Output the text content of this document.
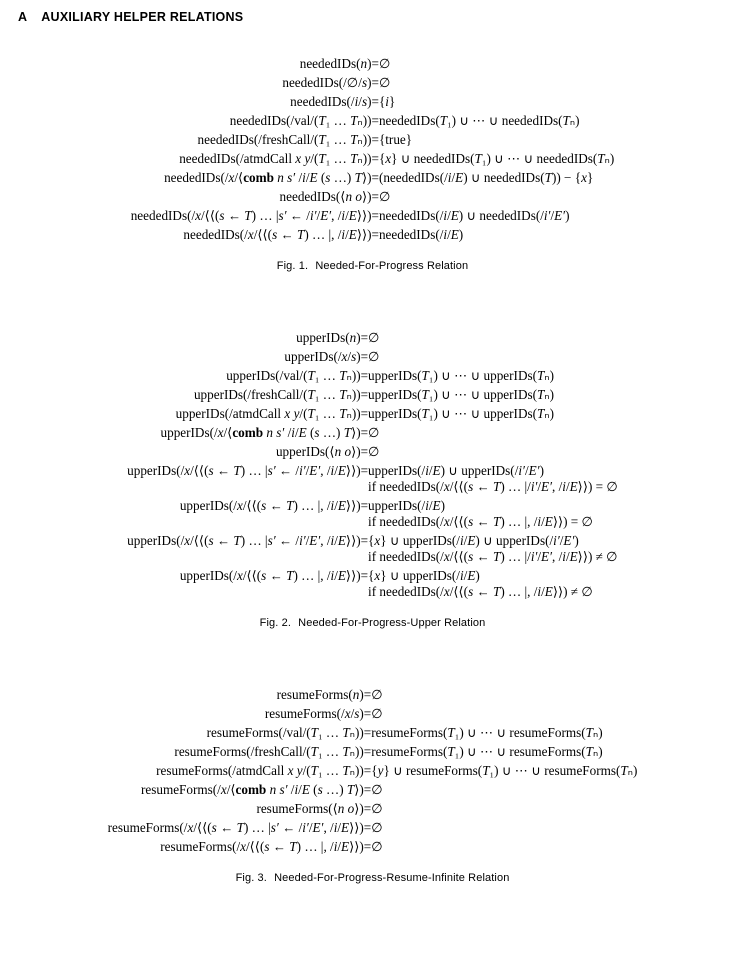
A AUXILIARY HELPER RELATIONS
neededIDs(n)	=	∅
neededIDs(/∅/s)	=	∅
neededIDs(/i/s)	=	{i}
neededIDs(/val/(T₁ … Tₙ))	=	neededIDs(T₁) ∪ ⋯ ∪ neededIDs(Tₙ)
neededIDs(/freshCall/(T₁ … Tₙ))	=	{true}
neededIDs(/atmdCall x y/(T₁ … Tₙ))	=	{x} ∪ neededIDs(T₁) ∪ ⋯ ∪ neededIDs(Tₙ)
neededIDs(/x/⟨comb n s′ /i/E (s …) T⟩)	=	(neededIDs(/i/E) ∪ neededIDs(T)) − {x}
neededIDs(⟨n o⟩)	=	∅
neededIDs(/x/⟨⟨(s ← T) … |s′ ← /i′/E′, /i/E⟩⟩)	=	neededIDs(/i/E) ∪ neededIDs(/i′/E′)
neededIDs(/x/⟨⟨(s ← T) … |, /i/E⟩⟩)	=	neededIDs(/i/E)
Fig. 1. Needed-For-Progress Relation
upperIDs(n)	=	∅
upperIDs(/x/s)	=	∅
upperIDs(/val/(T₁ … Tₙ))	=	upperIDs(T₁) ∪ ⋯ ∪ upperIDs(Tₙ)
upperIDs(/freshCall/(T₁ … Tₙ))	=	upperIDs(T₁) ∪ ⋯ ∪ upperIDs(Tₙ)
upperIDs(/atmdCall x y/(T₁ … Tₙ))	=	upperIDs(T₁) ∪ ⋯ ∪ upperIDs(Tₙ)
upperIDs(/x/⟨comb n s′ /i/E (s …) T⟩)	=	∅
upperIDs(⟨n o⟩)	=	∅
upperIDs(/x/⟨⟨(s ← T) … |s′ ← /i′/E′, /i/E⟩⟩)	=	upperIDs(/i/E) ∪ upperIDs(/i′/E′)
if neededIDs(/x/⟨⟨(s ← T) … |/i′/E′, /i/E⟩⟩) = ∅

upperIDs(/x/⟨⟨(s ← T) … |, /i/E⟩⟩)	=	upperIDs(/i/E)
if neededIDs(/x/⟨⟨(s ← T) … |, /i/E⟩⟩) = ∅

upperIDs(/x/⟨⟨(s ← T) … |s′ ← /i′/E′, /i/E⟩⟩)	=	{x} ∪ upperIDs(/i/E) ∪ upperIDs(/i′/E′)
if neededIDs(/x/⟨⟨(s ← T) … |/i′/E′, /i/E⟩⟩) ≠ ∅

upperIDs(/x/⟨⟨(s ← T) … |, /i/E⟩⟩)	=	{x} ∪ upperIDs(/i/E)
if neededIDs(/x/⟨⟨(s ← T) … |, /i/E⟩⟩) ≠ ∅
Fig. 2. Needed-For-Progress-Upper Relation
resumeForms(n)	=	∅
resumeForms(/x/s)	=	∅
resumeForms(/val/(T₁ … Tₙ))	=	resumeForms(T₁) ∪ ⋯ ∪ resumeForms(Tₙ)
resumeForms(/freshCall/(T₁ … Tₙ))	=	resumeForms(T₁) ∪ ⋯ ∪ resumeForms(Tₙ)
resumeForms(/atmdCall x y/(T₁ … Tₙ))	=	{y} ∪ resumeForms(T₁) ∪ ⋯ ∪ resumeForms(Tₙ)
resumeForms(/x/⟨comb n s′ /i/E (s …) T⟩)	=	∅
resumeForms(⟨n o⟩)	=	∅
resumeForms(/x/⟨⟨(s ← T) … |s′ ← /i′/E′, /i/E⟩⟩)	=	∅
resumeForms(/x/⟨⟨(s ← T) … |, /i/E⟩⟩)	=	∅
Fig. 3. Needed-For-Progress-Resume-Infinite Relation
